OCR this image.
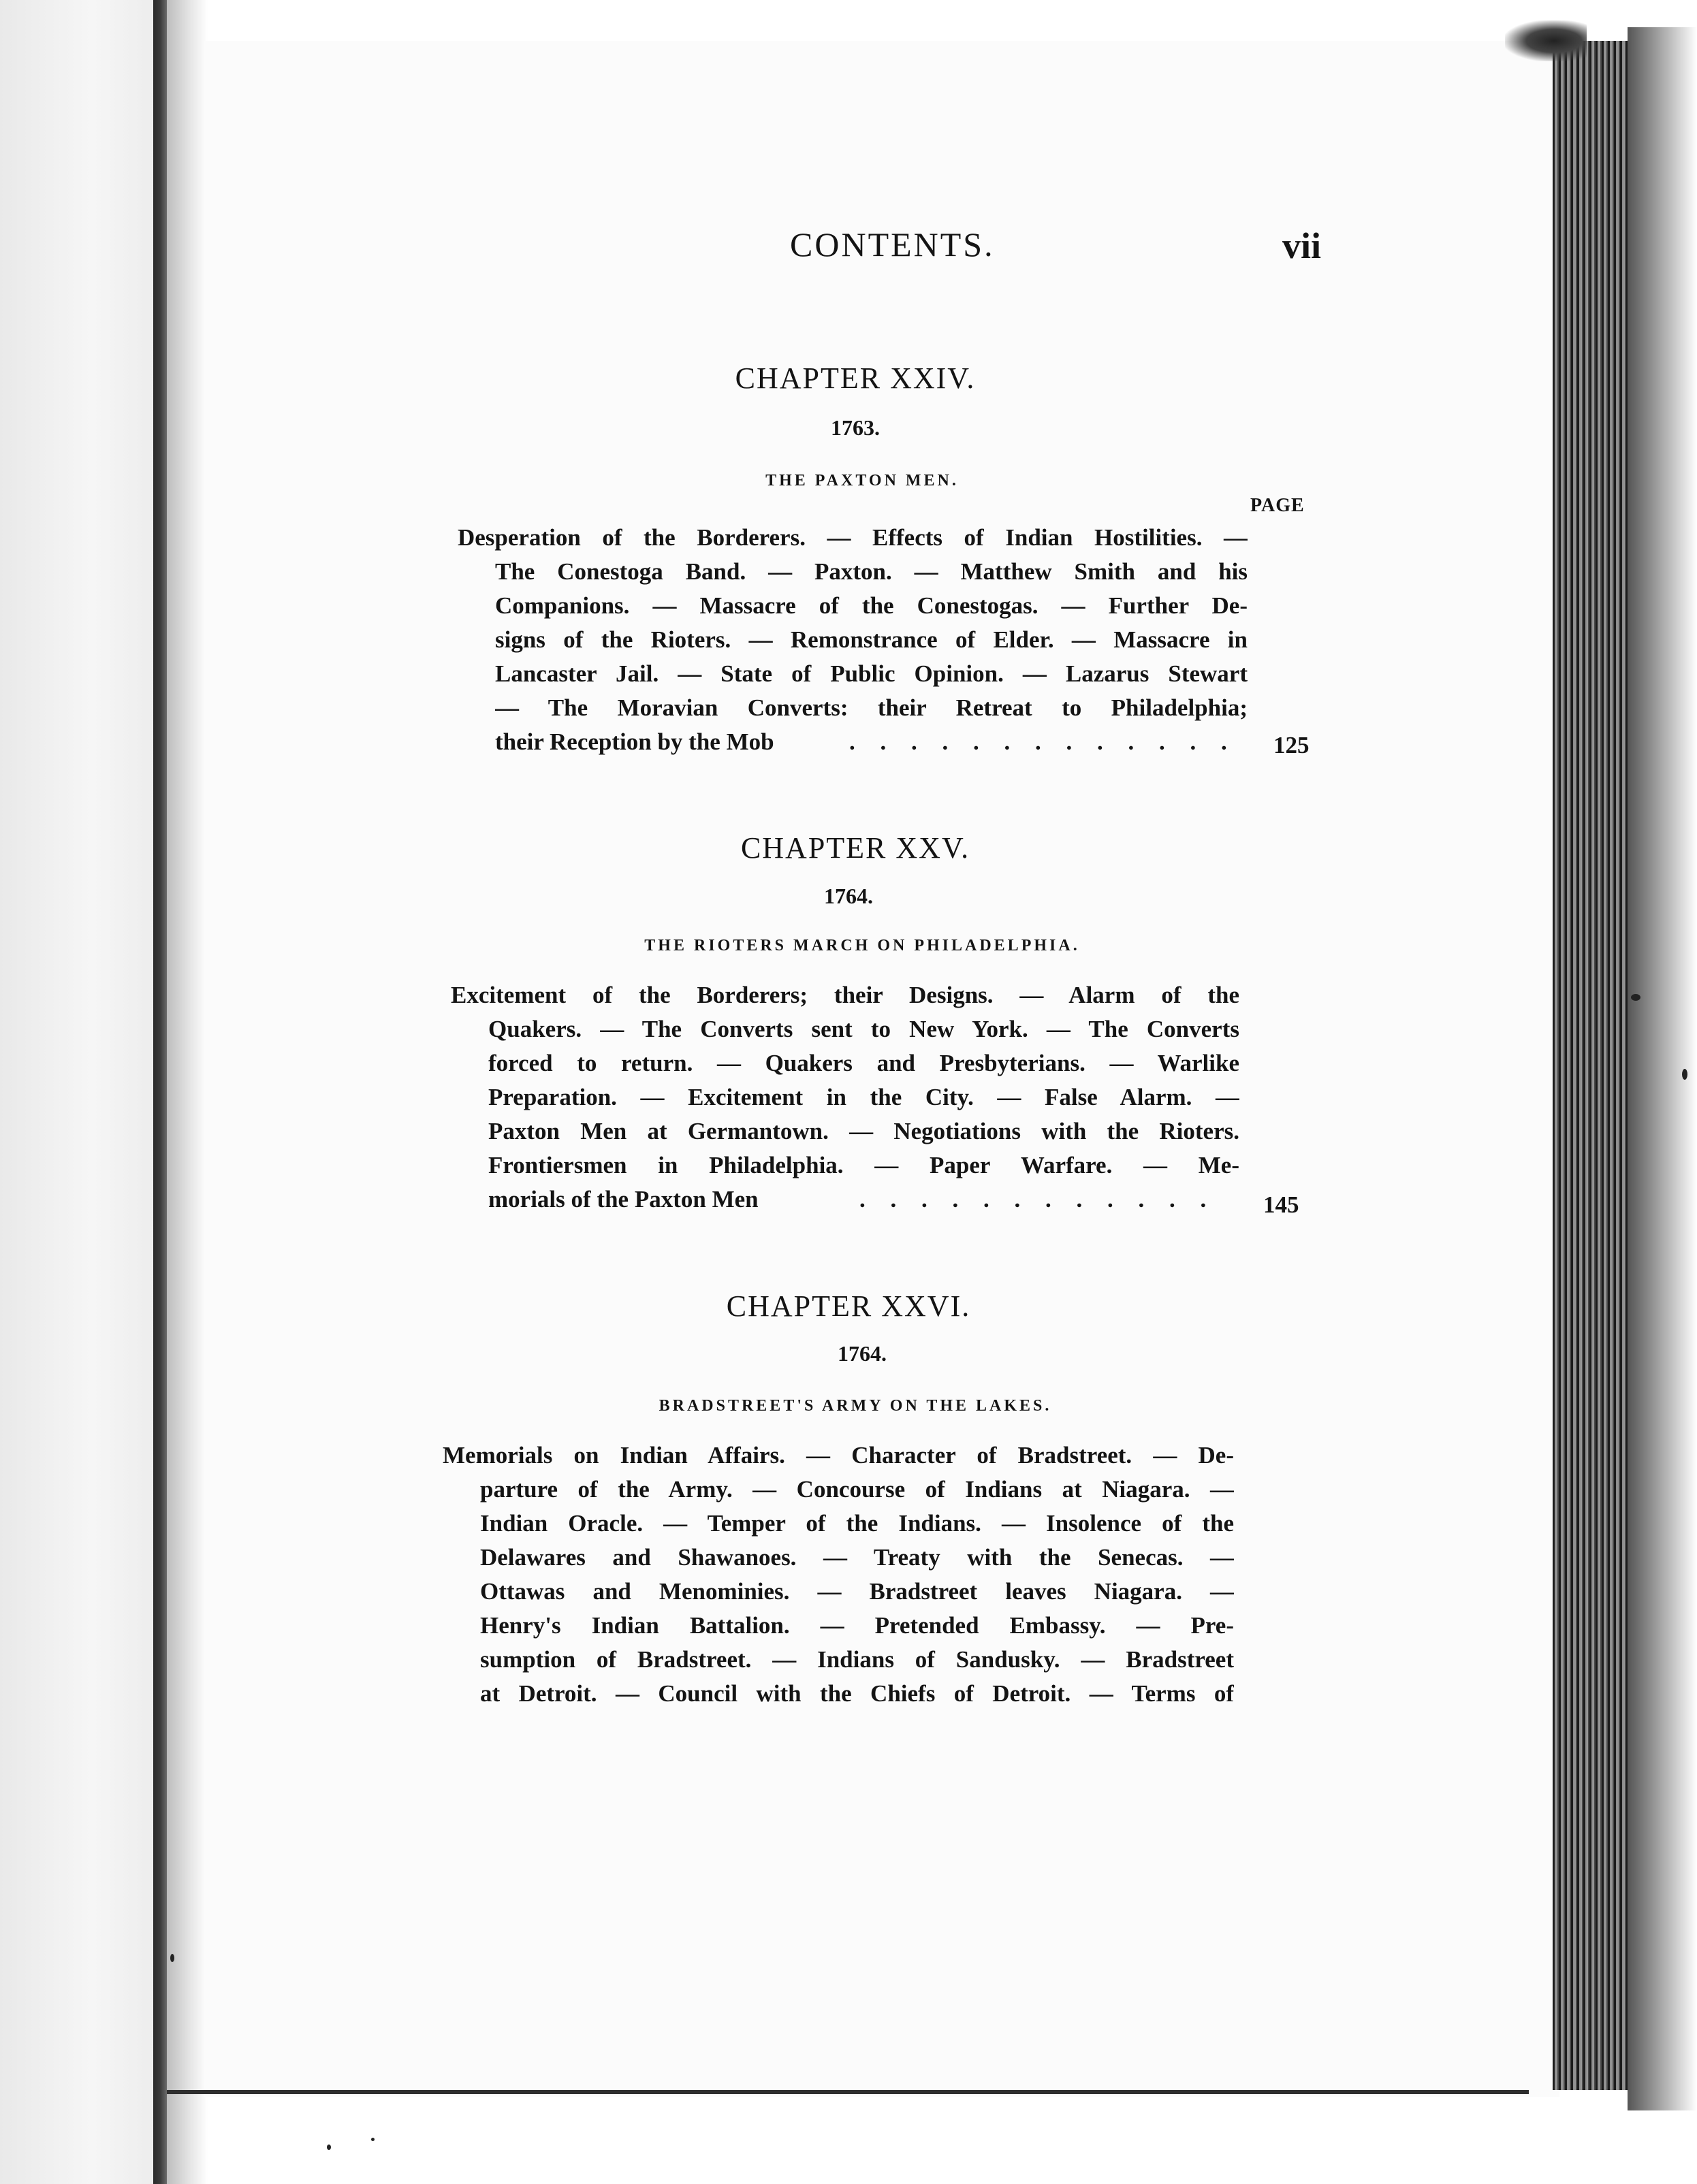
CONTENTS.	vii
CHAPTER XXIV.
1763.
THE PAXTON MEN.
PAGE
Desperation of the Borderers. — Effects of Indian Hostilities. —
The Conestoga Band. — Paxton. — Matthew Smith and his
Companions. — Massacre of the Conestogas. — Further De-
signs of the Rioters. — Remonstrance of Elder. — Massacre in
Lancaster Jail. — State of Public Opinion. — Lazarus Stewart
— The Moravian Converts: their Retreat to Philadelphia;
their Reception by the Mob	. . . . . . . . . . . . . 125
CHAPTER XXV.
1764.
THE RIOTERS MARCH ON PHILADELPHIA.
Excitement of the Borderers; their Designs. — Alarm of the
Quakers. — The Converts sent to New York. — The Converts
forced to return. — Quakers and Presbyterians. — Warlike
Preparation. — Excitement in the City. — False Alarm. —
Paxton Men at Germantown. — Negotiations with the Rioters.
Frontiersmen in Philadelphia. — Paper Warfare. — Me-
morials of the Paxton Men	. . . . . . . . . . . . 145
CHAPTER XXVI.
1764.
BRADSTREET'S ARMY ON THE LAKES.
Memorials on Indian Affairs. — Character of Bradstreet. — De-
parture of the Army. — Concourse of Indians at Niagara. —
Indian Oracle. — Temper of the Indians. — Insolence of the
Delawares and Shawanoes. — Treaty with the Senecas. —
Ottawas and Menominies. — Bradstreet leaves Niagara. —
Henry's Indian Battalion. — Pretended Embassy. — Pre-
sumption of Bradstreet. — Indians of Sandusky. — Bradstreet
at Detroit. — Council with the Chiefs of Detroit. — Terms of
